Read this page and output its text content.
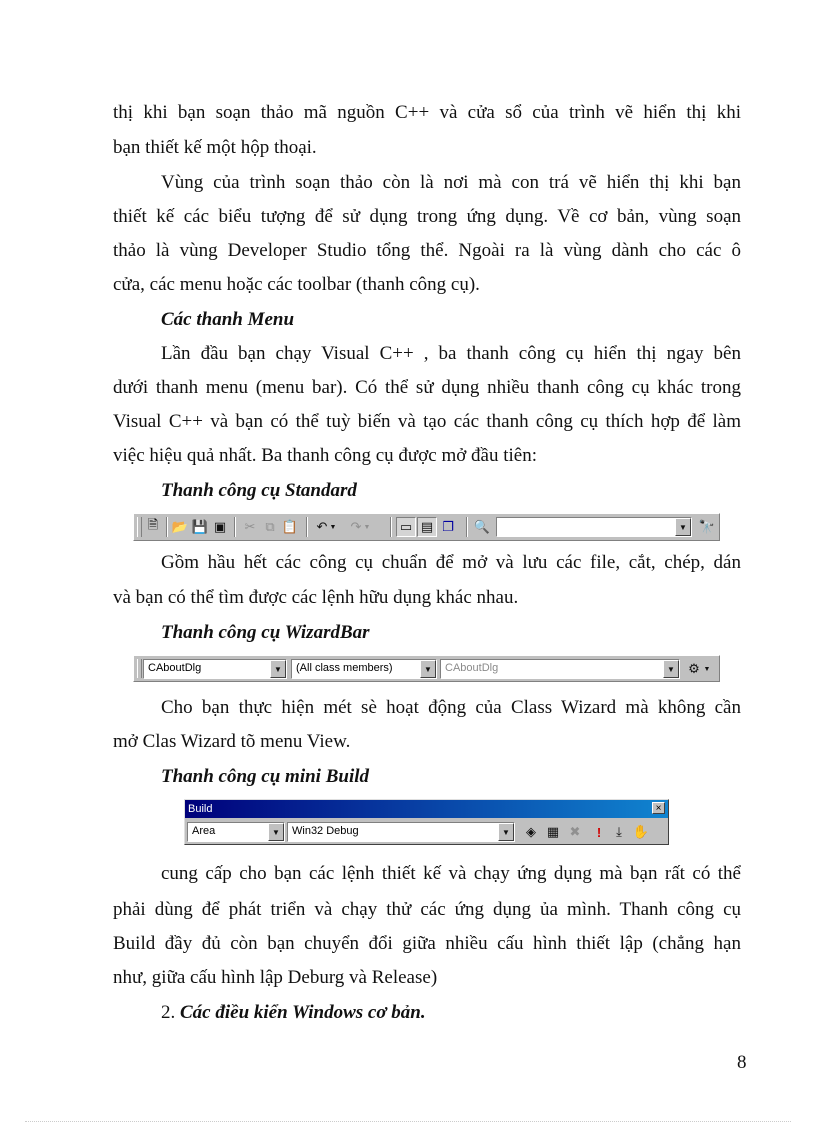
thị khi bạn soạn thảo mã nguồn C++ và cửa sổ của trình vẽ hiển thị khi
bạn thiết kế một hộp thoại.
Vùng của trình soạn thảo còn là nơi mà con trá vẽ hiển thị khi bạn
thiết kế các biểu tượng để sử dụng trong ứng dụng. Về cơ bản, vùng soạn
thảo là vùng Developer Studio tổng thể. Ngoài ra là vùng dành cho các ô
cửa, các menu hoặc các toolbar (thanh công cụ).
Các thanh Menu
Lần đầu bạn chạy Visual C++ , ba thanh công cụ hiển thị ngay bên
dưới thanh menu (menu bar). Có thể sử dụng nhiều thanh công cụ khác trong
Visual C++ và bạn có thể tuỳ biến và tạo các thanh công cụ thích hợp để làm
việc hiệu quả nhất. Ba thanh công cụ được mở đầu tiên:
Thanh công cụ Standard
🗎	📂 💾 ▣	✂ ⧉ 📋	↶ ▼	↷ ▼ ▭ ▤ ❐	🔍	▼ 🔭
Gồm hầu hết các công cụ chuẩn để mở và lưu các file, cắt, chép, dán
và bạn có thể tìm được các lệnh hữu dụng khác nhau.
Thanh công cụ WizardBar
CAboutDlg	▼	(All class members)	▼	CAboutDlg	▼	⚙ ▼
Cho bạn thực hiện mét sè hoạt động của Class Wizard mà không cần
mở Clas Wizard tõ menu View.
Thanh công cụ mini Build
Build	×
Area	▼	Win32 Debug	▼	◈ ▦ ✖	!	⤓ ✋
cung cấp cho bạn các lệnh thiết kế và chạy ứng dụng mà bạn rất có thể
phải dùng để phát triển và chạy thử các ứng dụng ủa mình. Thanh công cụ
Build đầy đủ còn bạn chuyển đổi giữa nhiều cấu hình thiết lập (chẳng hạn
như, giữa cấu hình lập Deburg và Release)
2. Các điều kiển Windows cơ bản.
8
